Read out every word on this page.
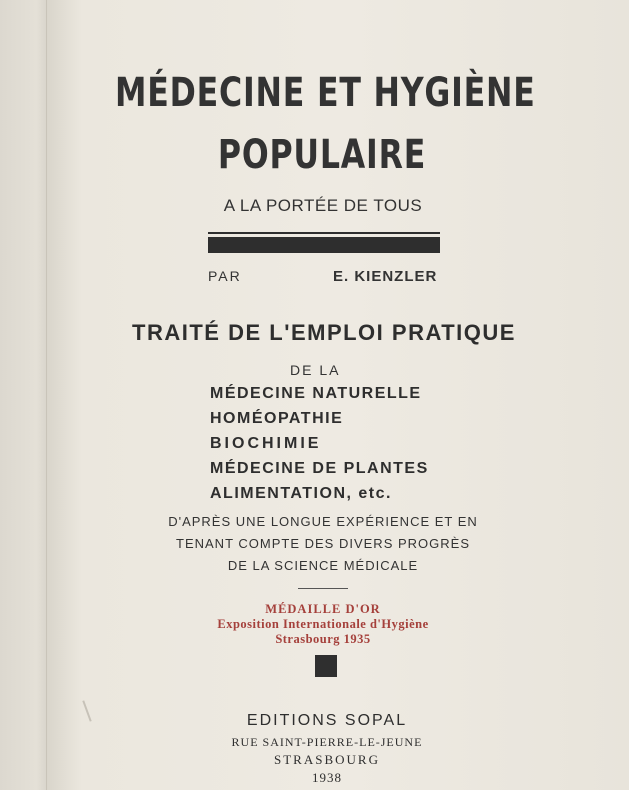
MÉDECINE ET HYGIÈNE
POPULAIRE
A LA PORTÉE DE TOUS
PAR	E. KIENZLER
TRAITÉ DE L'EMPLOI PRATIQUE
DE LA
MÉDECINE NATURELLE
HOMÉOPATHIE
BIOCHIMIE
MÉDECINE DE PLANTES
ALIMENTATION, etc.
D'APRÈS UNE LONGUE EXPÉRIENCE ET EN
TENANT COMPTE DES DIVERS PROGRÈS
DE LA SCIENCE MÉDICALE
MÉDAILLE D'OR
Exposition Internationale d'Hygiène
Strasbourg 1935
EDITIONS SOPAL
RUE SAINT-PIERRE-LE-JEUNE
STRASBOURG
1938
